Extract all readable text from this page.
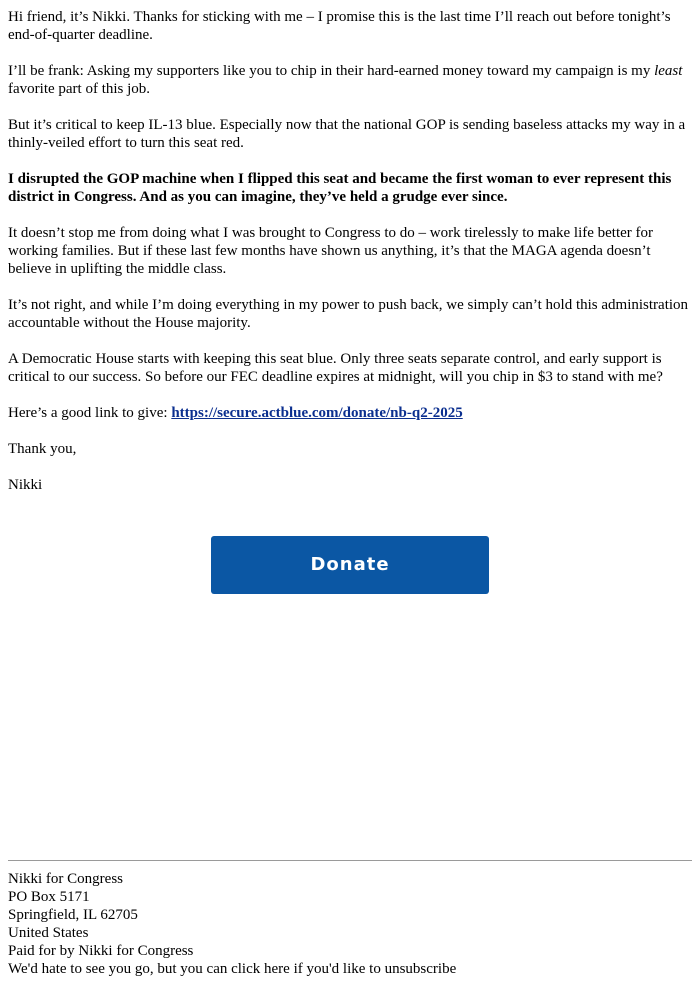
Hi friend, it’s Nikki. Thanks for sticking with me – I promise this is the last time I’ll reach out before tonight’s end-of-quarter deadline.

I’ll be frank: Asking my supporters like you to chip in their hard-earned money toward my campaign is my least favorite part of this job.

But it’s critical to keep IL-13 blue. Especially now that the national GOP is sending baseless attacks my way in a thinly-veiled effort to turn this seat red.

I disrupted the GOP machine when I flipped this seat and became the first woman to ever represent this district in Congress. And as you can imagine, they’ve held a grudge ever since.

It doesn’t stop me from doing what I was brought to Congress to do – work tirelessly to make life better for working families. But if these last few months have shown us anything, it’s that the MAGA agenda doesn’t believe in uplifting the middle class.

It’s not right, and while I’m doing everything in my power to push back, we simply can’t hold this administration accountable without the House majority.

A Democratic House starts with keeping this seat blue. Only three seats separate control, and early support is critical to our success. So before our FEC deadline expires at midnight, will you chip in $3 to stand with me?

Here’s a good link to give: https://secure.actblue.com/donate/nb-q2-2025

Thank you,

Nikki

Donate
Nikki for Congress
PO Box 5171
Springfield, IL 62705
United States
Paid for by Nikki for Congress
We'd hate to see you go, but you can click here if you'd like to unsubscribe
